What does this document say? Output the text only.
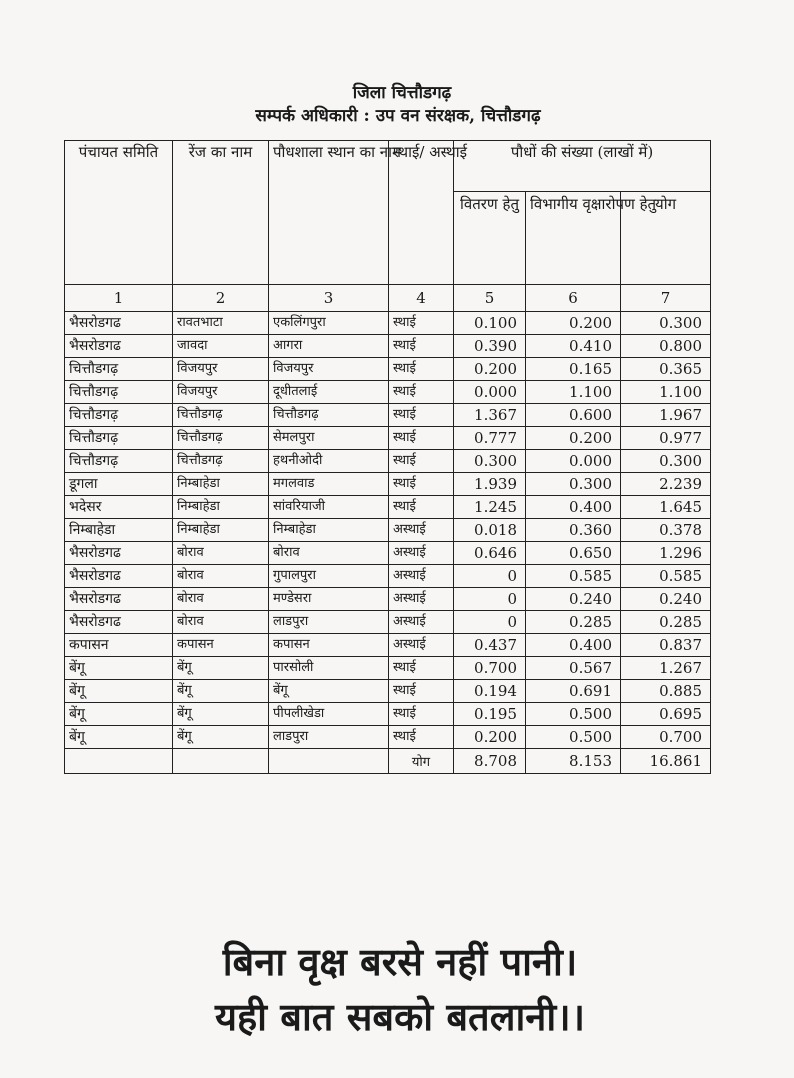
जिला चित्तौडगढ़
सम्पर्क अधिकारी : उप वन संरक्षक, चित्तौडगढ़
पंचायत समिति	रेंज का नाम	पौधशाला स्थान का नाम	स्थाई/ अस्थाई	पौधों की संख्या (लाखों में)		
				वितरण हेतु	विभागीय वृक्षारोपण हेतु	योग
1	2	3	4	5	6	7
भैसरोडगढ	रावतभाटा	एकलिंगपुरा	स्थाई	0.100	0.200	0.300
भैसरोडगढ	जावदा	आगरा	स्थाई	0.390	0.410	0.800
चित्तौडगढ़	विजयपुर	विजयपुर	स्थाई	0.200	0.165	0.365
चित्तौडगढ़	विजयपुर	दूधीतलाई	स्थाई	0.000	1.100	1.100
चित्तौडगढ़	चित्तौडगढ़	चित्तौडगढ़	स्थाई	1.367	0.600	1.967
चित्तौडगढ़	चित्तौडगढ़	सेमलपुरा	स्थाई	0.777	0.200	0.977
चित्तौडगढ़	चित्तौडगढ़	हथनीओदी	स्थाई	0.300	0.000	0.300
डूगला	निम्बाहेडा	मगलवाड	स्थाई	1.939	0.300	2.239
भदेसर	निम्बाहेडा	सांवरियाजी	स्थाई	1.245	0.400	1.645
निम्बाहेडा	निम्बाहेडा	निम्बाहेडा	अस्थाई	0.018	0.360	0.378
भैसरोडगढ	बोराव	बोराव	अस्थाई	0.646	0.650	1.296
भैसरोडगढ	बोराव	गुपालपुरा	अस्थाई	0	0.585	0.585
भैसरोडगढ	बोराव	मण्डेसरा	अस्थाई	0	0.240	0.240
भैसरोडगढ	बोराव	लाडपुरा	अस्थाई	0	0.285	0.285
कपासन	कपासन	कपासन	अस्थाई	0.437	0.400	0.837
बेंगू	बेंगू	पारसोली	स्थाई	0.700	0.567	1.267
बेंगू	बेंगू	बेंगू	स्थाई	0.194	0.691	0.885
बेंगू	बेंगू	पीपलीखेडा	स्थाई	0.195	0.500	0.695
बेंगू	बेंगू	लाडपुरा	स्थाई	0.200	0.500	0.700
			योग	8.708	8.153	16.861
बिना वृक्ष बरसे नहीं पानी।
यही बात सबको बतलानी।।
